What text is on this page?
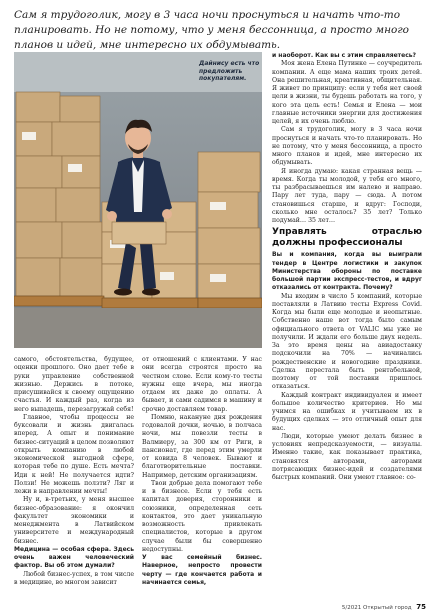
Сам я трудоголик, могу в 3 часа ночи проснуться и начать что-то планировать. Но не потому, что у меня бессонница, а просто много планов и идей, мне интересно их обдумывать.
Дайнису есть что предложить покупателям.

самого, обстоятельства, будущее, оценки прошлого. Оно дает тебе в руки управление собственной жизнью. Держись в потоке, присушивайся к своему ощущению счастья. И каждый раз, когда из него выпадешь, перезагружай себя!

Главное, чтобы процессы не буксовали и жизнь двигалась вперед. А опыт и понимание бизнес-ситуаций в целом позволяют открыть компанию в любой экономической выгодной сфере, которая тебе по душе. Есть мечта? Иди к ней! Не получается идти? Ползи! Не можешь ползти? Ляг и лежи в направлении мечты!

Ну и, в-третьих, у меня высшее бизнес-образование: я окончил факультет экономики и менеджмента в Латвийском университете и международный бизнес.

Медицина — особая сфера. Здесь очень важен человеческий фактор. Вы об этом думали?

Любой бизнес-успех, в том числе в медицине, во многом зависит

от отношений с клиентами. У нас они всегда строятся просто на честном слове. Если кому-то тесты нужны еще вчера, мы иногда отдаем их даже до оплаты. А бывает, и сами садимся в машину и срочно доставляем товар.

Помню, накануне дня рождения годовалой дочки, ночью, в полчаса ночи, мы повезли тесты в Валмиеру, за 300 км от Риги, в пансионат, где перед этим умерли от ковида 8 человек. Бывают и благотворительные поставки. Например, детским организациям.

Твои добрые дела помогают тебе и в бизнесе. Если у тебя есть капитал доверия, сторонники и союзники, определенная сеть контактов, это дает уникальную возможность привлекать специалистов, которые в другом случае были бы совершенно недоступны.

У вас семейный бизнес. Наверное, непросто провести черту — где кончается работа и начинается семья,

и наоборот. Как вы с этим справляетесь?

Моя жена Елена Путинке — соучредитель компании. А еще мама наших троих детей. Она решительная, креативная, общительная. Я живет по принципу: если у тебя нет своей цели в жизни, ты будешь работать на того, у кого эта цель есть! Семья и Елена — мои главные источники энергии для достижения целей, я их очень люблю.

Сам я трудоголик, могу в 3 часа ночи проснуться и начать что-то планировать. Но не потому, что у меня бессонница, а просто много планов и идей, мне интересно их обдумывать.

Я иногда думаю: какая странная вещь — время. Когда ты молодой, у тебя его много, ты разбрасываешься им налево и направо. Пару лет туда, пару — сюда. А потом становишься старше, и вдруг: Господи, сколько мне осталось? 35 лет? Только подумай… 35 лет…

Управлять отраслью должны профессионалы

Вы и компания, когда вы выиграли тендер в Центре логистики и закупок Министерства обороны по поставке большой партии экспресс-тестов, и вдруг отказались от контракта. Почему?

Мы входим в число 5 компаний, которые поставляли в Латвию тесты Express Covid. Когда мы были еще молодые и неопытные. Собственно наше вот тогда было самым официального ответа от VALIC мы уже не получили. И ждали его больше двух недель. За это время цены на авиадоставку подскочили на 70% — начинались рождественские и новогодние праздники. Сделка перестала быть рентабельной, поэтому от той поставки пришлось отказаться.

Каждый контракт индивидуален и имеет большое количество критериев. Но мы учимся на ошибках и учитываем их в будущих сделках — это отличный опыт для нас.

Люди, которые умеют делать бизнес в условиях непредсказуемости, — визуалы. Именно такие, как показывает практика, становятся авторами, авторами потрясающих бизнес-идей и создателями быстрых компаний. Они умеют главное: со-

5/2021 Открытый город 75
